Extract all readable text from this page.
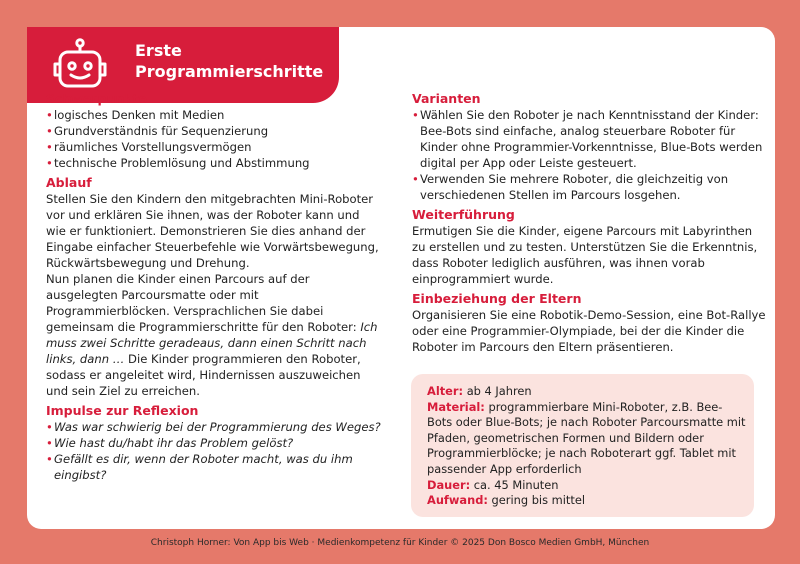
Erste
Programmierschritte
Schwerpunkte
• logisches Denken mit Medien
• Grundverständnis für Sequenzierung
• räumliches Vorstellungsvermögen
• technische Problemlösung und Abstimmung
Ablauf

Stellen Sie den Kindern den mitgebrachten Mini-Roboter vor und erklären Sie ihnen, was der Roboter kann und wie er funktioniert. Demonstrieren Sie dies anhand der Eingabe einfacher Steuerbefehle wie Vorwärtsbewegung, Rückwärtsbewegung und Drehung.

Nun planen die Kinder einen Parcours auf der ausgelegten Parcoursmatte oder mit Programmierblöcken. Versprachlichen Sie dabei gemeinsam die Programmierschritte für den Roboter: Ich muss zwei Schritte geradeaus, dann einen Schritt nach links, dann … Die Kinder programmieren den Roboter, sodass er angeleitet wird, Hindernissen auszuweichen und sein Ziel zu erreichen.

Impulse zur Reflexion
• Was war schwierig bei der Programmierung des Weges?
• Wie hast du/habt ihr das Problem gelöst?
• Gefällt es dir, wenn der Roboter macht, was du ihm eingibst?
Varianten
• Wählen Sie den Roboter je nach Kenntnisstand der Kinder: Bee-Bots sind einfache, analog steuerbare Roboter für Kinder ohne Programmier-Vorkenntnisse, Blue-Bots werden digital per App oder Leiste gesteuert.
• Verwenden Sie mehrere Roboter, die gleichzeitig von verschiedenen Stellen im Parcours losgehen.
Weiterführung

Ermutigen Sie die Kinder, eigene Parcours mit Labyrinthen zu erstellen und zu testen. Unterstützen Sie die Erkenntnis, dass Roboter lediglich ausführen, was ihnen vorab einprogrammiert wurde.

Einbeziehung der Eltern

Organisieren Sie eine Robotik-Demo-Session, eine Bot-Rallye oder eine Programmier-Olympiade, bei der die Kinder die Roboter im Parcours den Eltern präsentieren.

Alter: ab 4 Jahren
Material: programmierbare Mini-Roboter, z.B. Bee-Bots oder Blue-Bots; je nach Roboter Parcoursmatte mit Pfaden, geometrischen Formen und Bildern oder Programmierblöcke; je nach Roboterart ggf. Tablet mit passender App erforderlich
Dauer: ca. 45 Minuten
Aufwand: gering bis mittel
Christoph Horner: Von App bis Web · Medienkompetenz für Kinder © 2025 Don Bosco Medien GmbH, München
